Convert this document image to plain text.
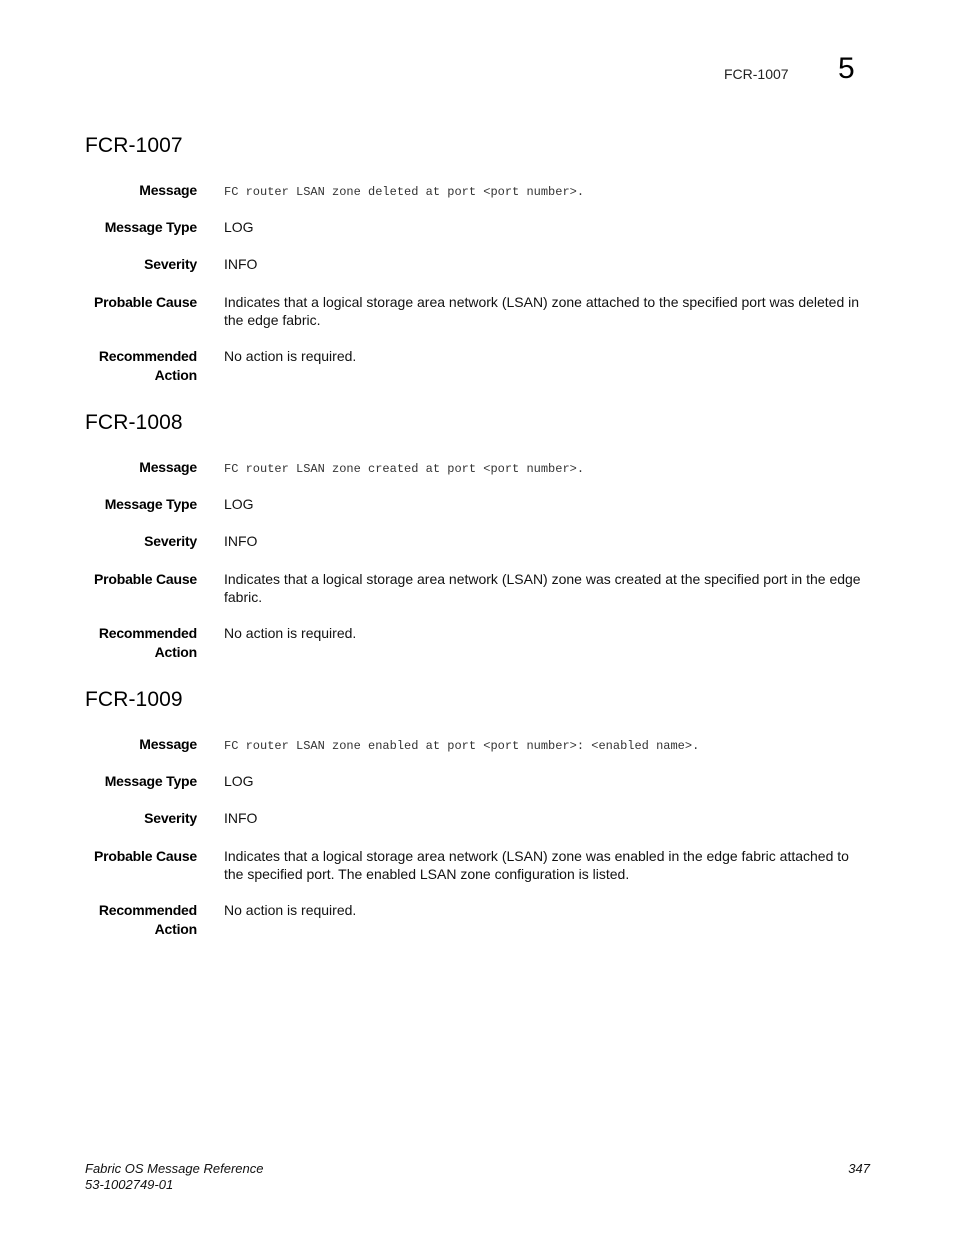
FCR-1007 5
FCR-1007
Message FC router LSAN zone deleted at port <port number>.
Message Type LOG
Severity INFO
Probable Cause Indicates that a logical storage area network (LSAN) zone attached to the specified port was deleted in the edge fabric.
Recommended
Action
No action is required.
FCR-1008
Message FC router LSAN zone created at port <port number>.
Message Type LOG
Severity INFO
Probable Cause Indicates that a logical storage area network (LSAN) zone was created at the specified port in the edge fabric.
Recommended
Action
No action is required.
FCR-1009
Message FC router LSAN zone enabled at port <port number>: <enabled name>.
Message Type LOG
Severity INFO
Probable Cause Indicates that a logical storage area network (LSAN) zone was enabled in the edge fabric attached to the specified port. The enabled LSAN zone configuration is listed.
Recommended
Action
No action is required.
Fabric OS Message Reference
53-1002749-01
347
